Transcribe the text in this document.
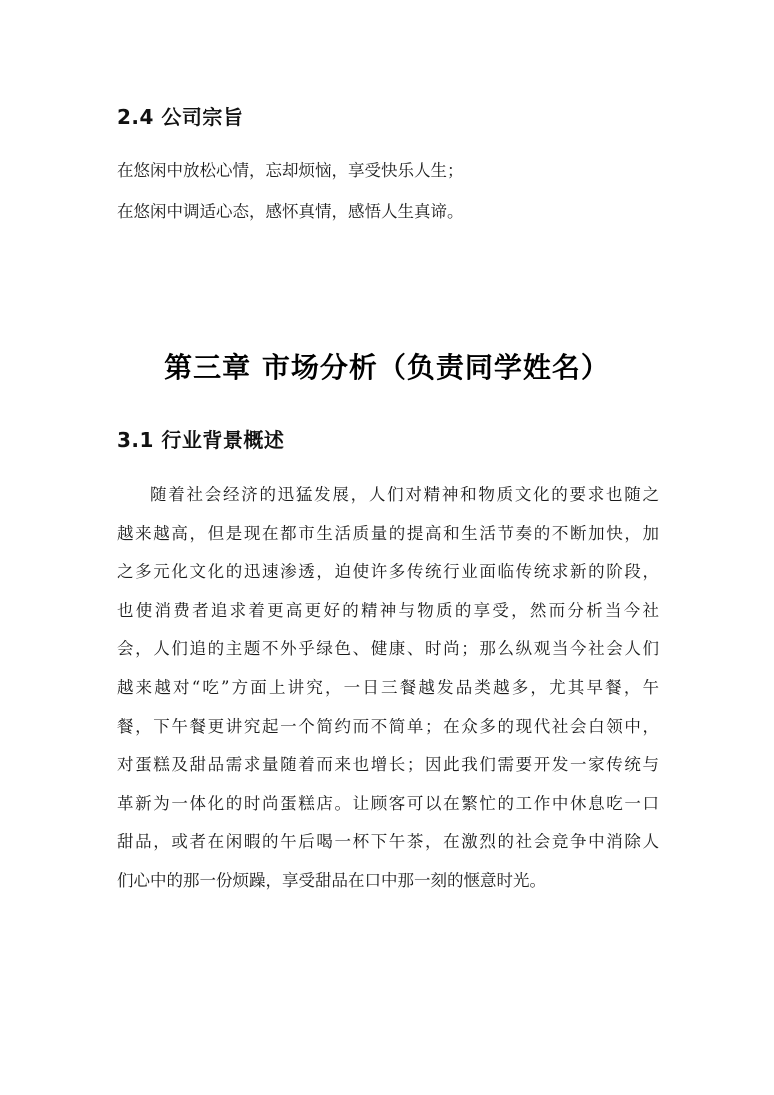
2.4 公司宗旨
在悠闲中放松心情，忘却烦恼，享受快乐人生；
在悠闲中调适心态，感怀真情，感悟人生真谛。
第三章 市场分析（负责同学姓名）
3.1 行业背景概述
随着社会经济的迅猛发展，人们对精神和物质文化的要求也随之
越来越高，但是现在都市生活质量的提高和生活节奏的不断加快，加
之多元化文化的迅速渗透，迫使许多传统行业面临传统求新的阶段，
也使消费者追求着更高更好的精神与物质的享受，然而分析当今社
会，人们追的主题不外乎绿色、健康、时尚；那么纵观当今社会人们
越来越对“吃”方面上讲究，一日三餐越发品类越多，尤其早餐，午
餐，下午餐更讲究起一个简约而不简单；在众多的现代社会白领中，
对蛋糕及甜品需求量随着而来也增长；因此我们需要开发一家传统与
革新为一体化的时尚蛋糕店。让顾客可以在繁忙的工作中休息吃一口
甜品，或者在闲暇的午后喝一杯下午茶，在激烈的社会竞争中消除人
们心中的那一份烦躁，享受甜品在口中那一刻的惬意时光。
